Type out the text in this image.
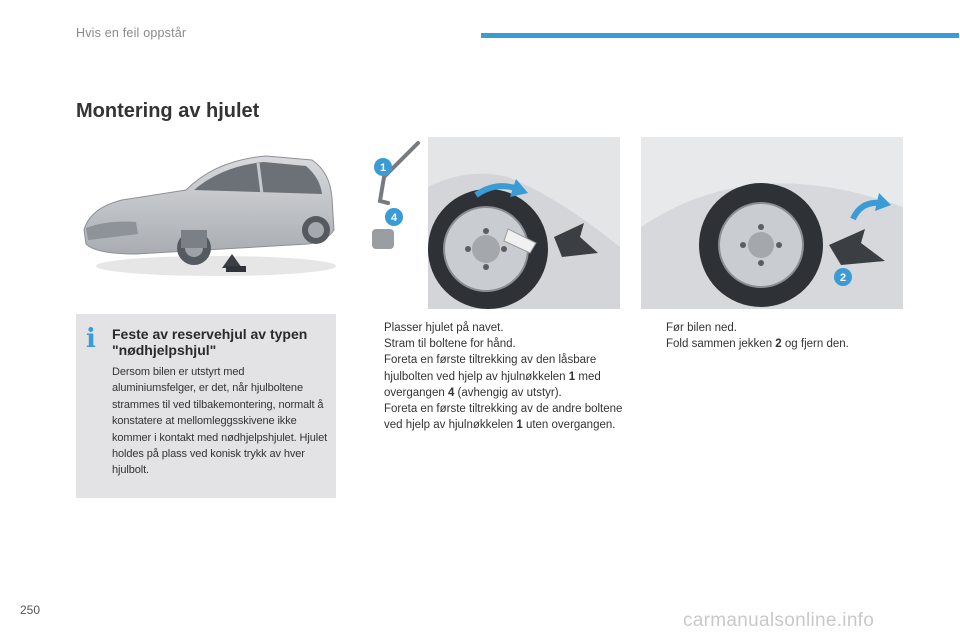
Hvis en feil oppstår
Montering av hjulet
1
4
2
i Feste av reservehjul av typen "nødhjelpshjul"

Dersom bilen er utstyrt med aluminiumsfelger, er det, når hjulboltene strammes til ved tilbakemontering, normalt å konstatere at mellomleggsskivene ikke kommer i kontakt med nødhjelpshjulet. Hjulet holdes på plass ved konisk trykk av hver hjulbolt.

Plasser hjulet på navet.
Stram til boltene for hånd.
Foreta en første tiltrekking av den låsbare hjulbolten ved hjelp av hjulnøkkelen 1 med overgangen 4 (avhengig av utstyr).
Foreta en første tiltrekking av de andre boltene ved hjelp av hjulnøkkelen 1 uten overgangen.
Før bilen ned.
Fold sammen jekken 2 og fjern den.
250	carmanualsonline.info
